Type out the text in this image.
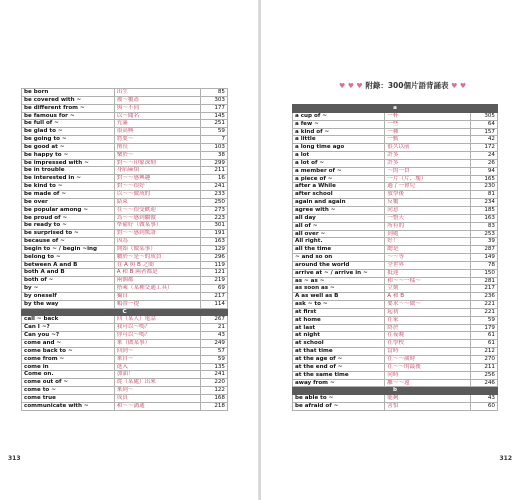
be born	出生	85
be covered with ~	被～覆蓋	303
be different from ~	與～不同	177
be famous for ~	以～聞名	145
be full of ~	充滿	251
be glad to ~	很高興	59
be going to ~	將要～	7
be good at ~	擅長	103
be happy to ~	樂於～	38
be impressed with ~	對～～印象深刻	299
be in trouble	身陷麻煩	211
be interested in ~	對～～感興趣	16
be kind to ~	對～～很好	241
be made of ~	以～～做成的	233
be over	結束	250
be popular among ~	在～～很受歡迎	273
be proud of ~	為～～感到驕傲	223
be ready to ~	準備好（做某事）	301
be surprised to ~	對～～感到驚訝	191
because of ~	因為	163
begin to ~ / begin ~ing	開始（做某事）	129
belong to ~	屬於～是～的成員	296
between A and B	在 A 與 B 之間	119
both A and B	A 和 B 兩者都是	121
both of ~	兩個都	219
by ~	搭乘（某種交通工具）	69
by oneself	獨自	217
by the way	順帶一提	114
C		
call ~ back	回（某人）電話	267
Can I ~?	我可以～嗎？	21
Can you ~?	你可以～嗎？	43
come and ~	來（做某事）	249
come back to ~	回到～	57
come from ~	來自～	59
come in	進入	135
Come on.	加油！	241
come out of ~	從（某處）出來	220
come to ~	來到～	122
come true	成真	168
communicate with ~	和～～溝通	218
313
♥ ♥ ♥ 附錄：300個片語背誦表 ♥ ♥
a		
a cup of ~	一杯	305
a few ~	一些	64
a kind of ~	一種	157
a little	一點	42
a long time ago	很久以前	172
a lot	許多	24
a lot of ~	許多	26
a member of ~	～的一員	94
a piece of ~	一片（片、塊）	165
after a While	過了一會兒	230
after school	放學後	81
again and again	反覆	234
agree with ~	同意	185
all day	一整天	163
all of ~	所有的	83
all over ~	到處	253
All right.	好！	39
all the time	總是	287
~ and so on	～～等	149
around the world	全世界	78
arrive at ~ / arrive in ~	抵達	150
as ~ as ~	和～～一樣～	281
as soon as ~	立刻	217
A as well as B	A 和 B	236
ask ~ to ~	要求～～做～	221
at first	起初	221
at home	在家	59
at last	終於	179
at night	在夜晚	61
at school	在學校	61
at that time	當時	212
at the age of ~	在～～歲時	270
at the end of ~	在～～的最後	211
at the same time	同時	256
away from ~	離～～遠	246
b		
be able to ~	能夠	43
be afraid of ~	害怕	60
312
